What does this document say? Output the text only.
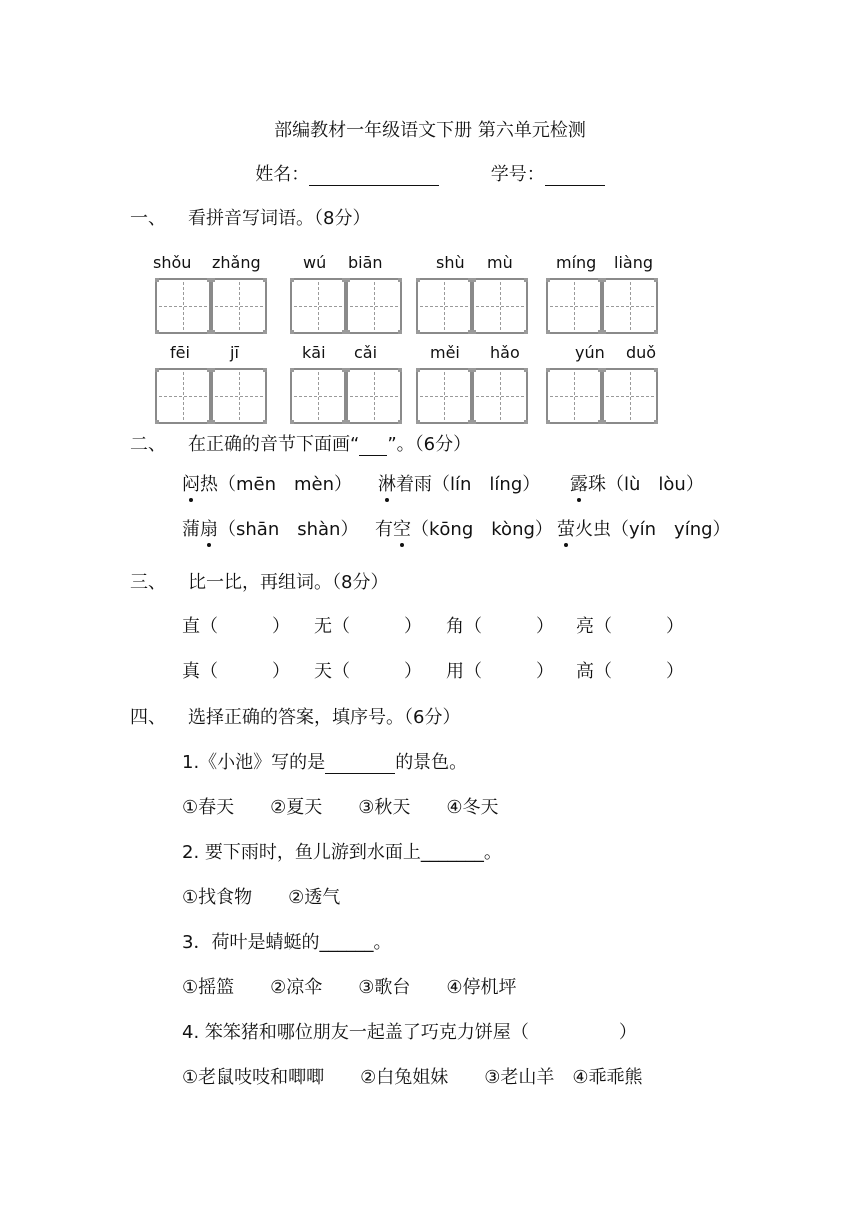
部编教材一年级语文下册 第六单元检测
姓名：	学号：
一、 看拼音写词语。（8分）
shǒu zhǎng	wú biān	shù mù	míng liàng
fēi	jī	kāi cǎi	měi hǎo	yún duǒ
二、 在正确的音节下面画“ ”。（6分）
闷热（mēn　mèn） 淋着雨（lín　líng） 露珠（lù　lòu）
蒲扇（shān　shàn） 有空（kōng　kòng） 萤火虫（yín　yíng）
三、 比一比，再组词。（8分）
直（　　　） 无（　　　） 角（　　　） 亮（　　　）
真（　　　） 天（　　　） 用（　　　） 高（　　　）
四、 选择正确的答案，填序号。（6分）
1.《小池》写的是	的景色。
①春天　　②夏天　　③秋天　　④冬天
2. 要下雨时，鱼儿游到水面上_______。
①找食物　　②透气
3．荷叶是蜻蜓的______。
①摇篮　　②凉伞　　③歌台　　④停机坪
4. 笨笨猪和哪位朋友一起盖了巧克力饼屋（　　　　　）
①老鼠吱吱和唧唧　　②白兔姐妹　　③老山羊　④乖乖熊
